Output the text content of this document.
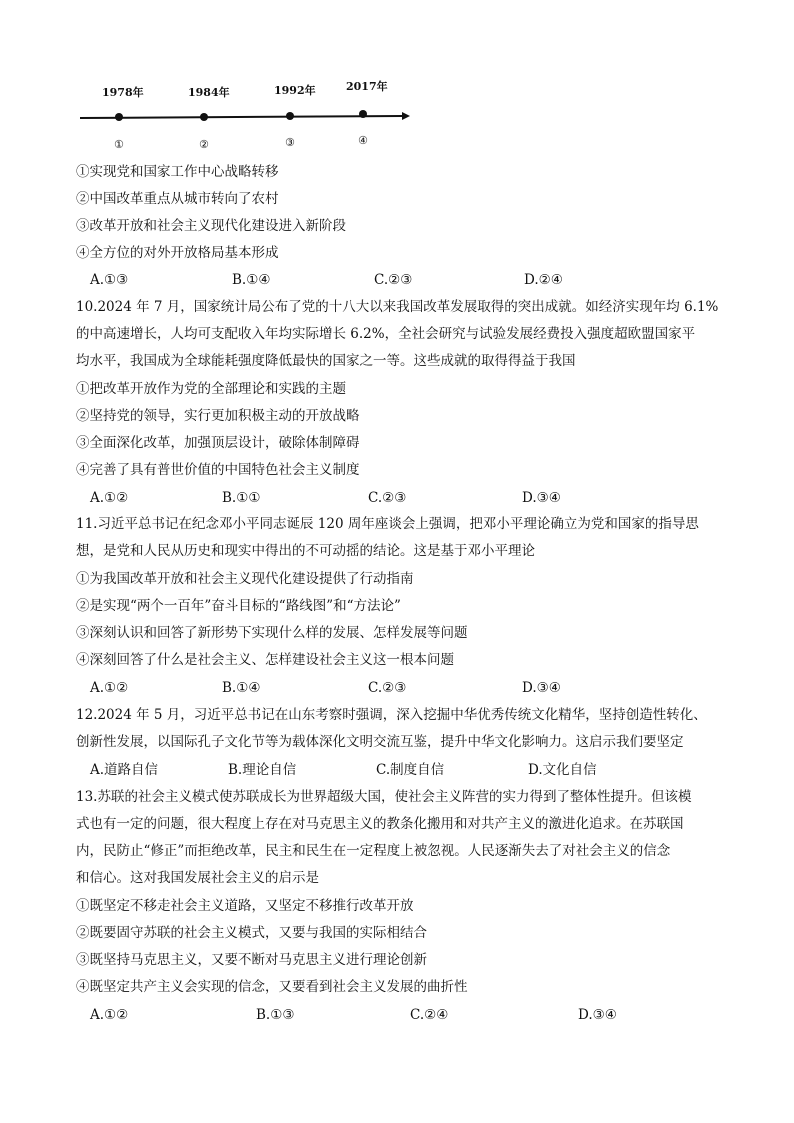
1978年
①
1984年
②
1992年
③
2017年
④
①实现党和国家工作中心战略转移
②中国改革重点从城市转向了农村
③改革开放和社会主义现代化建设进入新阶段
④全方位的对外开放格局基本形成
A.①③	B.①④	C.②③	D.②④
10.2024 年 7 月，国家统计局公布了党的十八大以来我国改革发展取得的突出成就。如经济实现年均 6.1%
的中高速增长，人均可支配收入年均实际增长 6.2%，全社会研究与试验发展经费投入强度超欧盟国家平
均水平，我国成为全球能耗强度降低最快的国家之一等。这些成就的取得得益于我国
①把改革开放作为党的全部理论和实践的主题
②坚持党的领导，实行更加积极主动的开放战略
③全面深化改革，加强顶层设计，破除体制障碍
④完善了具有普世价值的中国特色社会主义制度
A.①②	B.①①	C.②③	D.③④
11.习近平总书记在纪念邓小平同志诞辰 120 周年座谈会上强调，把邓小平理论确立为党和国家的指导思
想，是党和人民从历史和现实中得出的不可动摇的结论。这是基于邓小平理论
①为我国改革开放和社会主义现代化建设提供了行动指南
②是实现“两个一百年”奋斗目标的“路线图”和“方法论”
③深刻认识和回答了新形势下实现什么样的发展、怎样发展等问题
④深刻回答了什么是社会主义、怎样建设社会主义这一根本问题
A.①②	B.①④	C.②③	D.③④
12.2024 年 5 月，习近平总书记在山东考察时强调，深入挖掘中华优秀传统文化精华，坚持创造性转化、
创新性发展，以国际孔子文化节等为载体深化文明交流互鉴，提升中华文化影响力。这启示我们要坚定
A.道路自信	B.理论自信	C.制度自信	D.文化自信
13.苏联的社会主义模式使苏联成长为世界超级大国，使社会主义阵营的实力得到了整体性提升。但该模
式也有一定的问题，很大程度上存在对马克思主义的教条化搬用和对共产主义的激进化追求。在苏联国
内，民防止“修正”而拒绝改革，民主和民生在一定程度上被忽视。人民逐渐失去了对社会主义的信念
和信心。这对我国发展社会主义的启示是
①既坚定不移走社会主义道路，又坚定不移推行改革开放
②既要固守苏联的社会主义模式，又要与我国的实际相结合
③既坚持马克思主义，又要不断对马克思主义进行理论创新
④既坚定共产主义会实现的信念，又要看到社会主义发展的曲折性
A.①②	B.①③	C.②④	D.③④
